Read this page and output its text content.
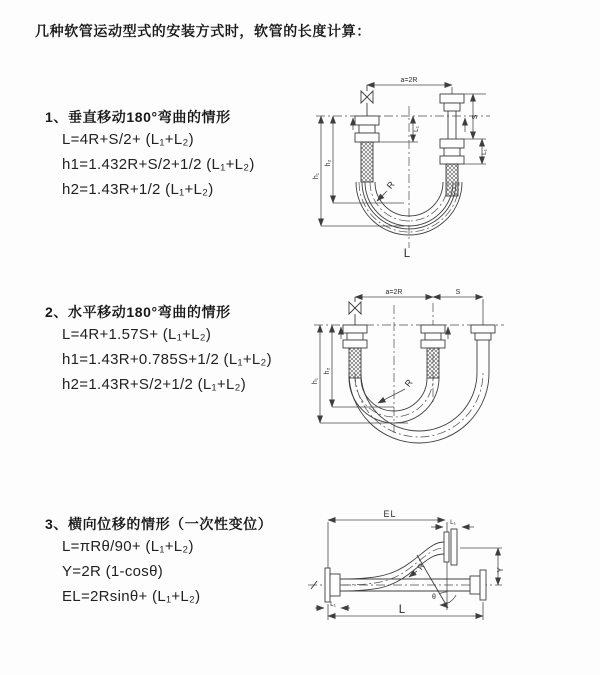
几种软管运动型式的安装方式时，软管的长度计算：
1、垂直移动180°弯曲的情形
L=4R+S/2+ (L₁+L₂)
h1=1.432R+S/2+1/2 (L₁+L₂)
h2=1.43R+1/2 (L₁+L₂)
2、水平移动180°弯曲的情形
L=4R+1.57S+ (L₁+L₂)
h1=1.43R+0.785S+1/2 (L₁+L₂)
h2=1.43R+S/2+1/2 (L₁+L₂)
3、横向位移的情形（一次性变位）
L=πRθ/90+ (L₁+L₂)
Y=2R (1-cosθ)
EL=2Rsinθ+ (L₁+L₂)
a=2R
h₁
h₂
S
L₁
L₁
R
L
a=2R	S
h₁
h₂
R
EL
L₁
Y
θ
R
L
L₁
